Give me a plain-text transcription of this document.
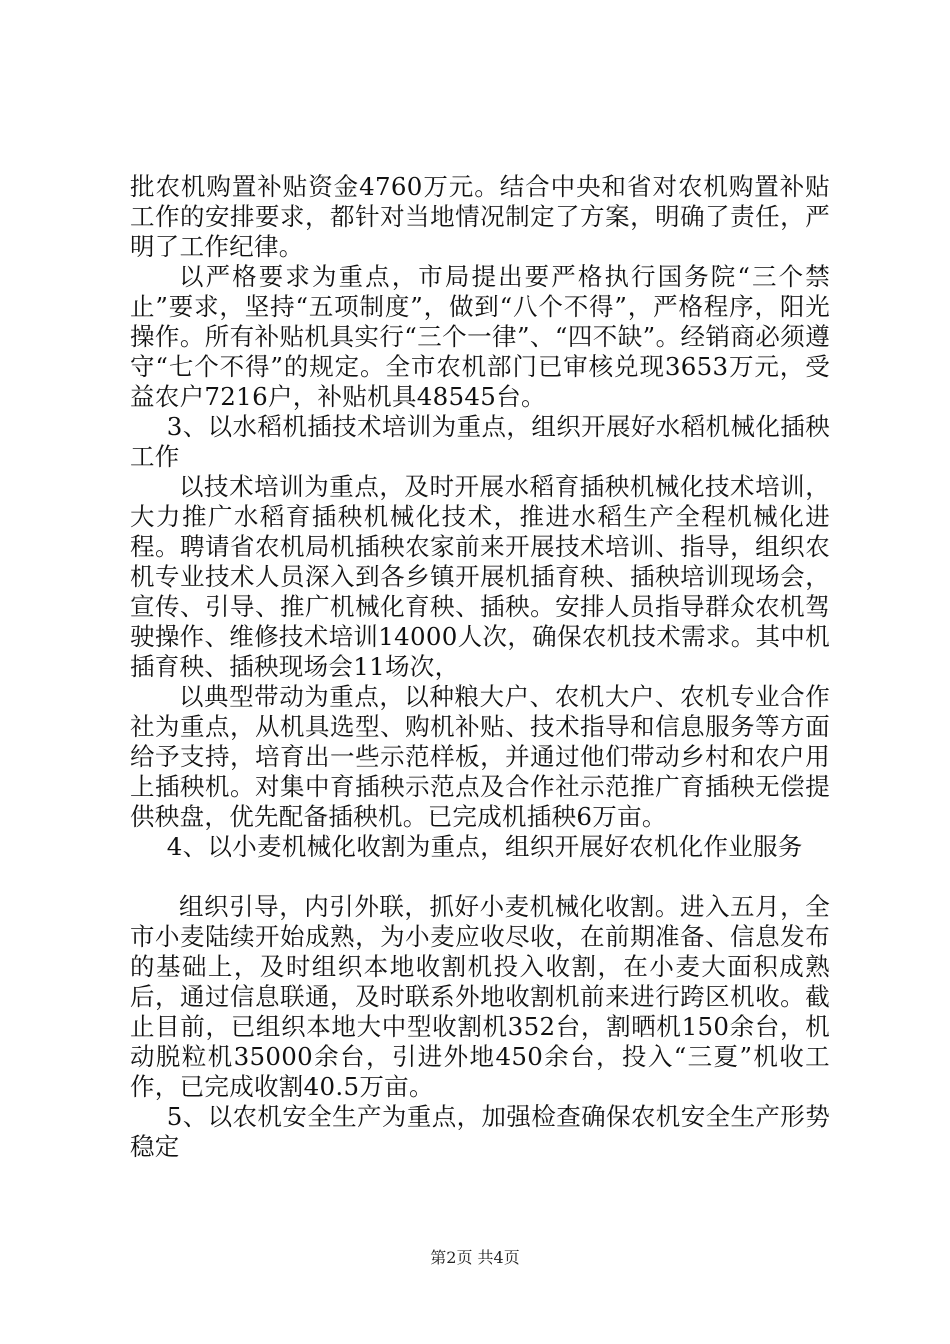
批农机购置补贴资金4760万元。结合中央和省对农机购置补贴工作的安排要求，都针对当地情况制定了方案，明确了责任，严明了工作纪律。

以严格要求为重点，市局提出要严格执行国务院“三个禁止”要求，坚持“五项制度”，做到“八个不得”，严格程序，阳光操作。所有补贴机具实行“三个一律”、“四不缺”。经销商必须遵守“七个不得”的规定。全市农机部门已审核兑现3653万元，受益农户7216户，补贴机具48545台。

3、以水稻机插技术培训为重点，组织开展好水稻机械化插秧工作

以技术培训为重点，及时开展水稻育插秧机械化技术培训，大力推广水稻育插秧机械化技术，推进水稻生产全程机械化进程。聘请省农机局机插秧农家前来开展技术培训、指导，组织农机专业技术人员深入到各乡镇开展机插育秧、插秧培训现场会，宣传、引导、推广机械化育秧、插秧。安排人员指导群众农机驾驶操作、维修技术培训14000人次，确保农机技术需求。其中机插育秧、插秧现场会11场次，

以典型带动为重点，以种粮大户、农机大户、农机专业合作社为重点，从机具选型、购机补贴、技术指导和信息服务等方面给予支持，培育出一些示范样板，并通过他们带动乡村和农户用上插秧机。对集中育插秧示范点及合作社示范推广育插秧无偿提供秧盘，优先配备插秧机。已完成机插秧6万亩。

4、以小麦机械化收割为重点，组织开展好农机化作业服务

组织引导，内引外联，抓好小麦机械化收割。进入五月，全市小麦陆续开始成熟，为小麦应收尽收，在前期准备、信息发布的基础上，及时组织本地收割机投入收割，在小麦大面积成熟后，通过信息联通，及时联系外地收割机前来进行跨区机收。截止目前，已组织本地大中型收割机352台，割晒机150余台，机动脱粒机35000余台，引进外地450余台，投入“三夏”机收工作，已完成收割40.5万亩。

5、以农机安全生产为重点，加强检查确保农机安全生产形势稳定

第2页 共4页
